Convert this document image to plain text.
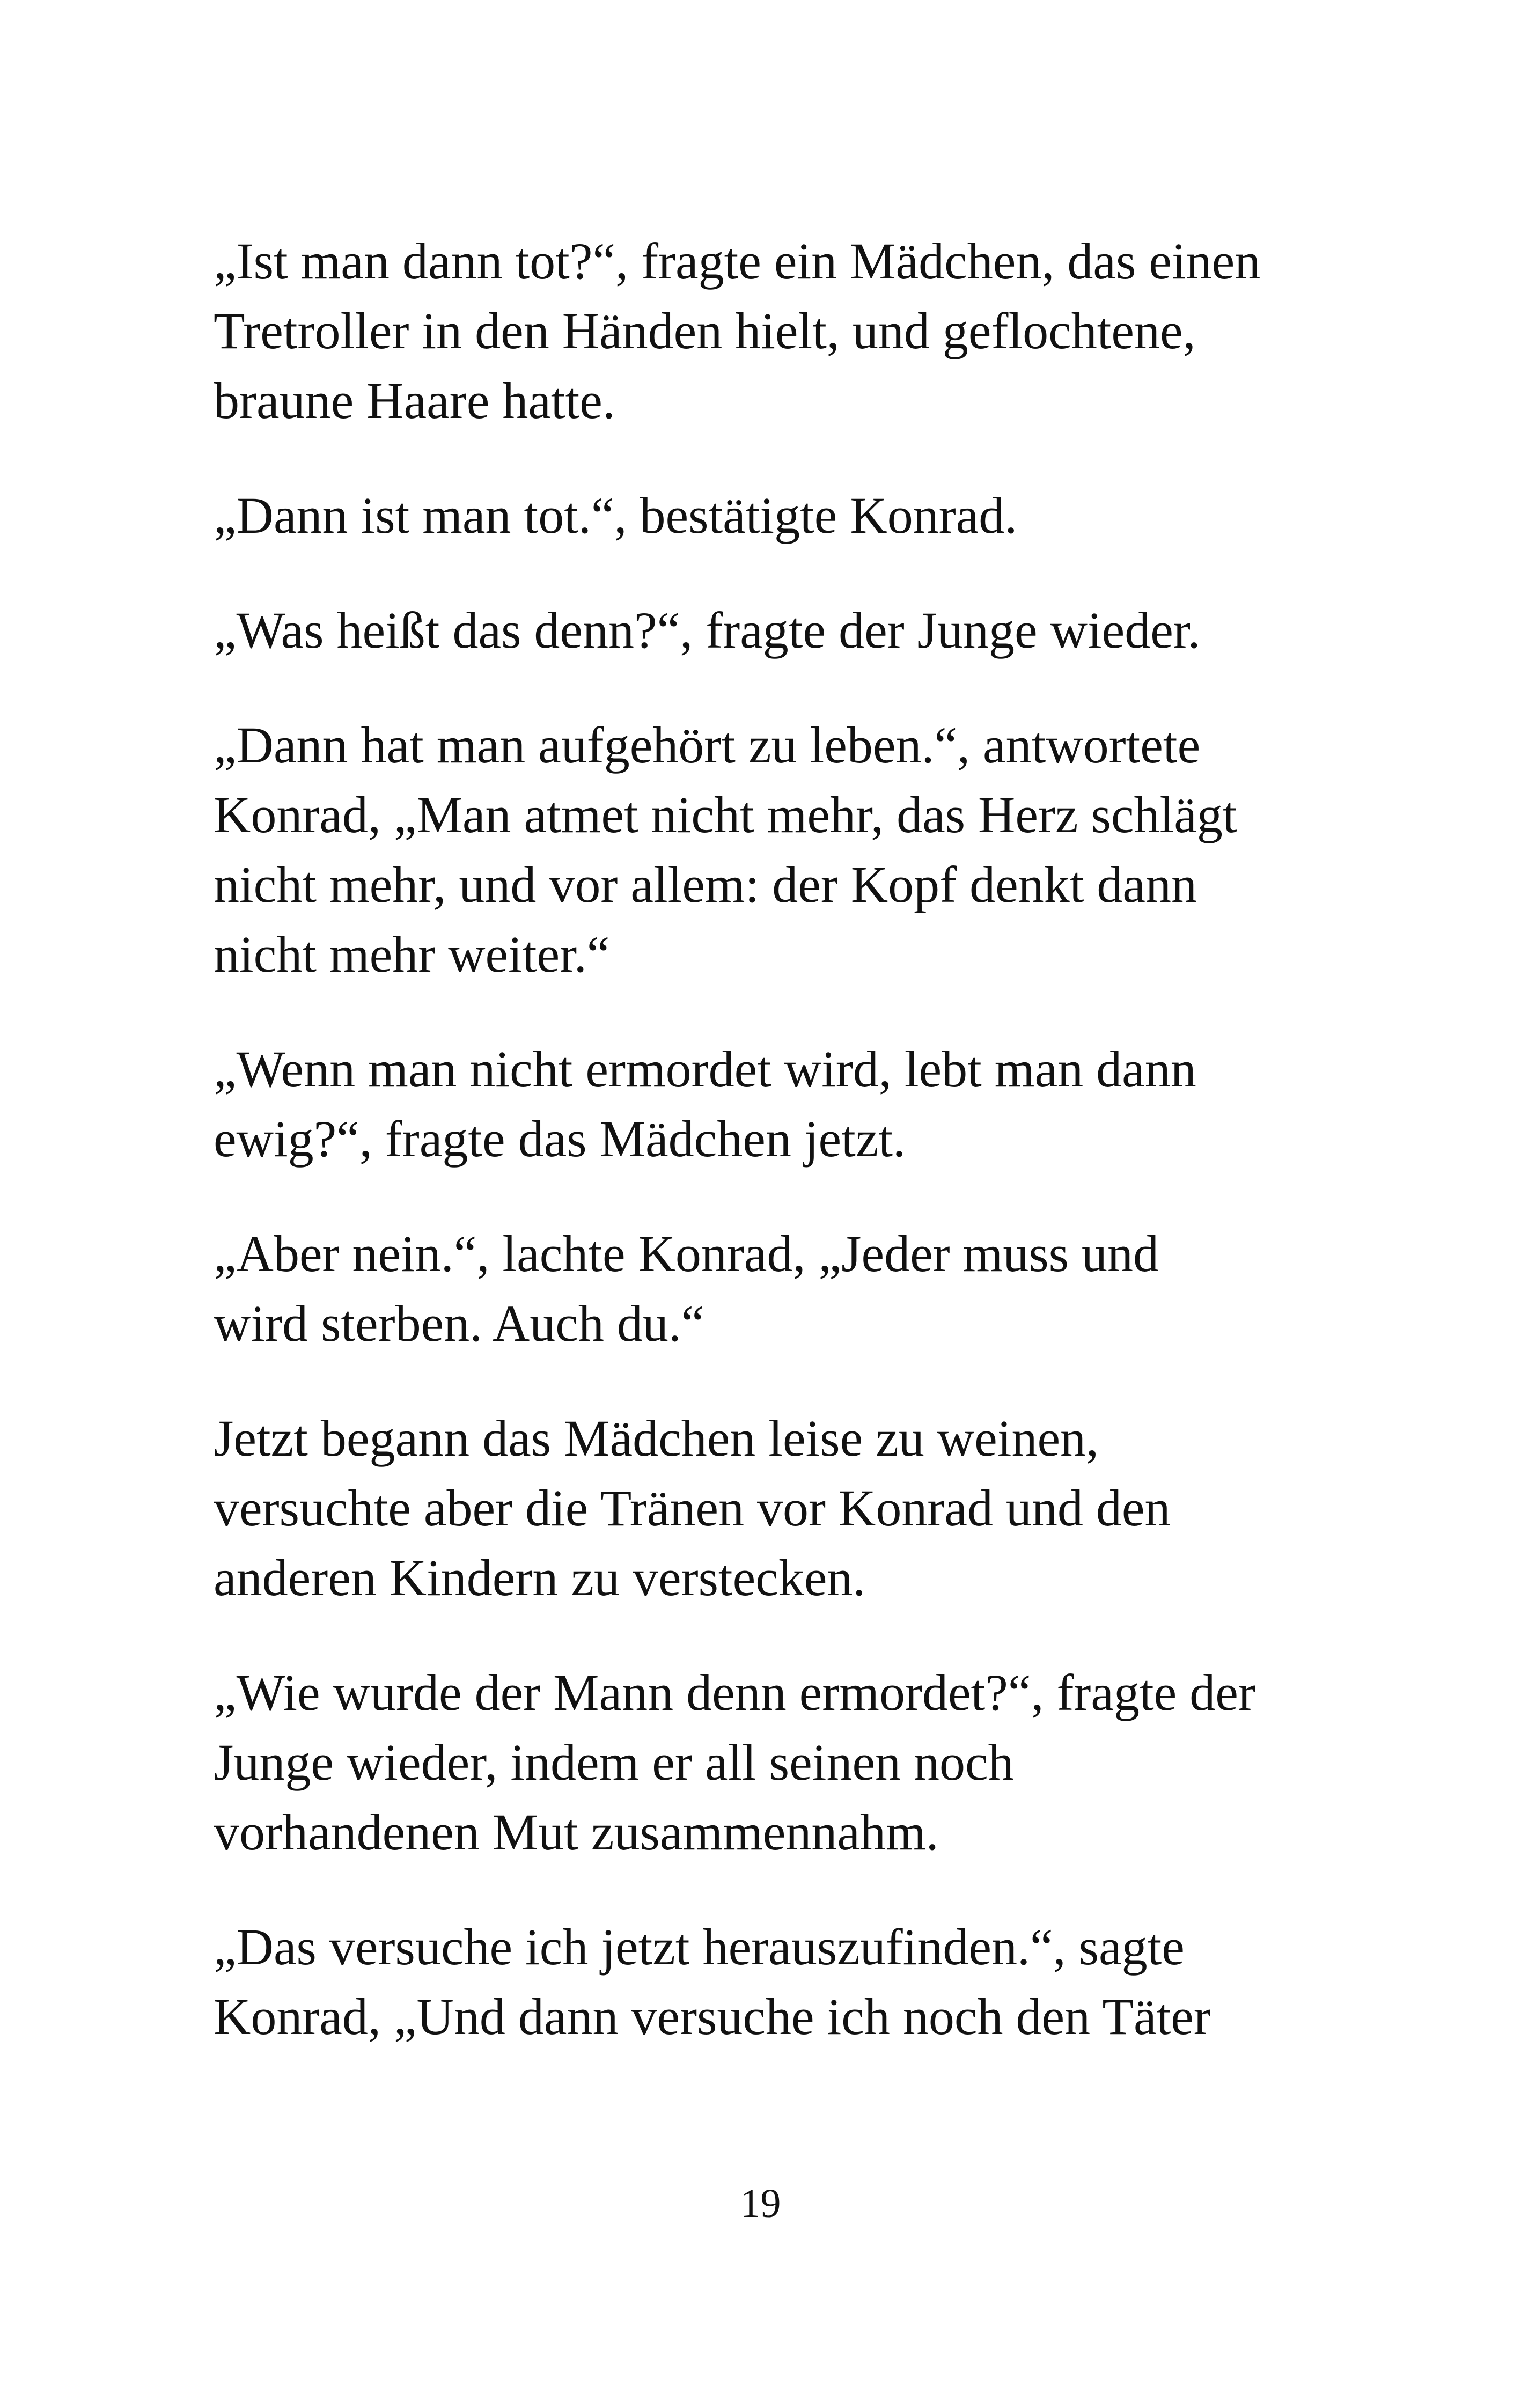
„Ist man dann tot?“, fragte ein Mädchen, das einen
Tretroller in den Händen hielt, und geflochtene,
braune Haare hatte.

„Dann ist man tot.“, bestätigte Konrad.

„Was heißt das denn?“, fragte der Junge wieder.

„Dann hat man aufgehört zu leben.“, antwortete
Konrad, „Man atmet nicht mehr, das Herz schlägt
nicht mehr, und vor allem: der Kopf denkt dann
nicht mehr weiter.“

„Wenn man nicht ermordet wird, lebt man dann
ewig?“, fragte das Mädchen jetzt.

„Aber nein.“, lachte Konrad, „Jeder muss und
wird sterben. Auch du.“

Jetzt begann das Mädchen leise zu weinen,
versuchte aber die Tränen vor Konrad und den
anderen Kindern zu verstecken.

„Wie wurde der Mann denn ermordet?“, fragte der
Junge wieder, indem er all seinen noch
vorhandenen Mut zusammennahm.

„Das versuche ich jetzt herauszufinden.“, sagte
Konrad, „Und dann versuche ich noch den Täter

19
